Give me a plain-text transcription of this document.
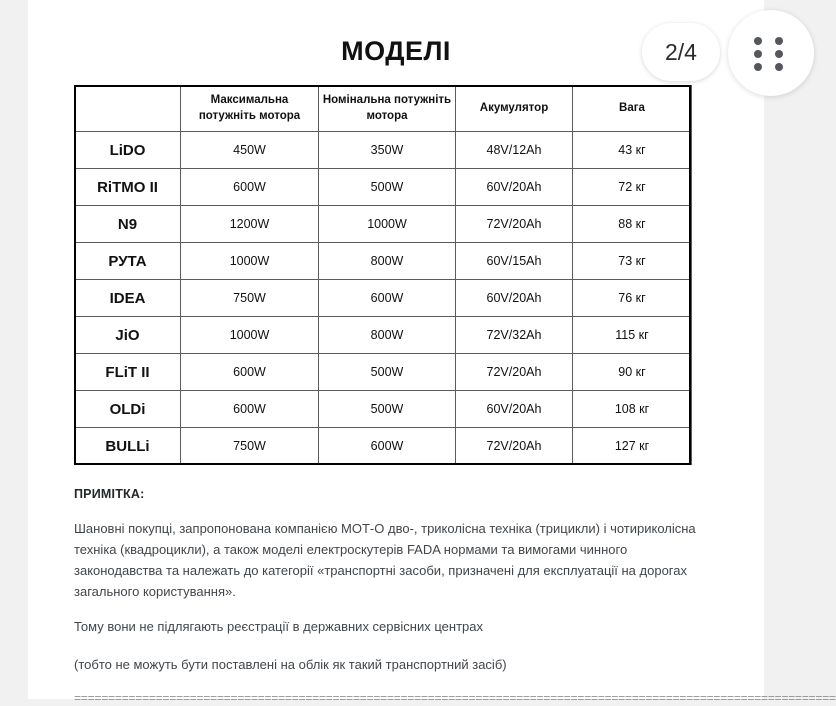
МОДЕЛІ
	Максимальна потужніть мотора	Номінальна потужніть мотора	Акумулятор	Вага
LiDO	450W	350W	48V/12Ah	43 кг
RiTMO II	600W	500W	60V/20Ah	72 кг
N9	1200W	1000W	72V/20Ah	88 кг
РУТА	1000W	800W	60V/15Ah	73 кг
IDEA	750W	600W	60V/20Ah	76 кг
JiO	1000W	800W	72V/32Ah	115 кг
FLiT II	600W	500W	72V/20Ah	90 кг
OLDi	600W	500W	60V/20Ah	108 кг
BULLi	750W	600W	72V/20Ah	127 кг
ПРИМІТКА:
Шановні покупці, запропонована компанією МОТ-О дво-, триколісна техніка (трицикли) і чотириколісна техніка (квадроцикли), а також моделі електроскутерів FADA нормами та вимогами чинного законодавства та належать до категорії «транспортні засоби, призначені для експлуатації на дорогах загального користування».
Тому вони не підлягають реєстрації в державних сервісних центрах
(тобто не можуть бути поставлені на облік як такий транспортний засіб)
================================================================================================================
2/4
